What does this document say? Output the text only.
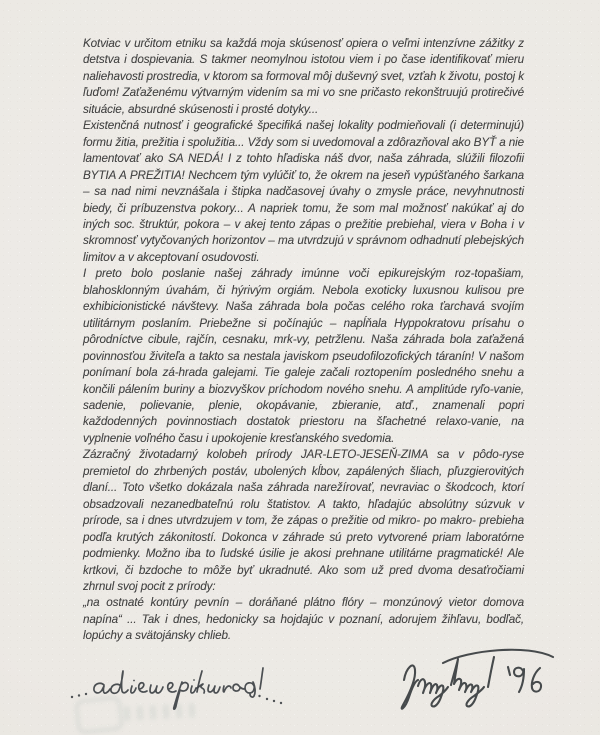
Kotviac v určitom etniku sa každá moja skúsenosť opiera o veľmi intenzívne zážitky z detstva i dospievania. S takmer neomylnou istotou viem i po čase identifikovať mieru naliehavosti prostredia, v ktorom sa formoval môj duševný svet, vzťah k životu, postoj k ľuďom! Zaťaženému výtvarným videním sa mi vo sne pričasto rekonštruujú protirečivé situácie, absurdné skúsenosti i prosté dotyky...

Existenčná nutnosť i geografické špecifiká našej lokality podmieňovali (i determinujú) formu žitia, prežitia i spolužitia... Vždy som si uvedomoval a zdôrazňoval ako BYŤ a nie lamentovať ako SA NEDÁ! I z tohto hľadiska náš dvor, naša záhrada, slúžili filozofii BYTIA A PREŽITIA! Nechcem tým vylúčiť to, že okrem na jeseň vypúšťaného šarkana – sa nad nimi nevznášala i štipka nadčasovej úvahy o zmysle práce, nevyhnutnosti biedy, či príbuzenstva pokory... A napriek tomu, že som mal možnosť nakúkať aj do iných soc. štruktúr, pokora – v akej tento zápas o prežitie prebiehal, viera v Boha i v skromnosť vytyčovaných horizontov – ma utvrdzujú v správnom odhadnutí plebejských limitov a v akceptovaní osudovosti.

I preto bolo poslanie našej záhrady imúnne voči epikurejským roz-topašiam, blahosklonným úvahám, či hýrivým orgiám. Nebola exoticky luxusnou kulisou pre exhibicionistické návštevy. Naša záhrada bola počas celého roka ťarchavá svojím utilitárnym poslaním. Priebežne si počínajúc – napĺňala Hyppokratovu prísahu o pôrodníctve cibule, rajčín, cesnaku, mrk-vy, petržlenu. Naša záhrada bola zaťažená povinnosťou živiteľa a takto sa nestala javiskom pseudofilozofických táranín! V našom ponímaní bola zá-hrada galejami. Tie galeje začali roztopením posledného snehu a končili pálením buriny a biozvyškov príchodom nového snehu. A amplitúde ryľo-vanie, sadenie, polievanie, plenie, okopávanie, zbieranie, atď., znamenali popri každodenných povinnostiach dostatok priestoru na šľachetné relaxo-vanie, na vyplnenie voľného času i upokojenie kresťanského svedomia.

Zázračný životadarný kolobeh prírody JAR-LETO-JESEŇ-ZIMA sa v pôdo-ryse premietol do zhrbených postáv, ubolených kĺbov, zapálených šliach, pľuzgierovitých dlaní... Toto všetko dokázala naša záhrada narežírovať, nevraviac o škodcoch, ktorí obsadzovali nezanedbateľnú rolu štatistov. A takto, hľadajúc absolútny súzvuk v prírode, sa i dnes utvrdzujem v tom, že zápas o prežitie od mikro- po makro- prebieha podľa krutých zákonitostí. Dokonca v záhrade sú preto vytvorené priam laboratórne podmienky. Možno iba to ľudské úsilie je akosi prehnane utilitárne pragmatické! Ale krtkovi, či bzdoche to môže byť ukradnuté. Ako som už pred dvoma desaťročiami zhrnul svoj pocit z prírody:

„na ostnaté kontúry pevnín – doráňané plátno flóry – monzúnový vietor domova napína“ ... Tak i dnes, hedonicky sa hojdajúc v poznaní, adorujem žihľavu, bodľač, lopúchy a svätojánsky chlieb.
